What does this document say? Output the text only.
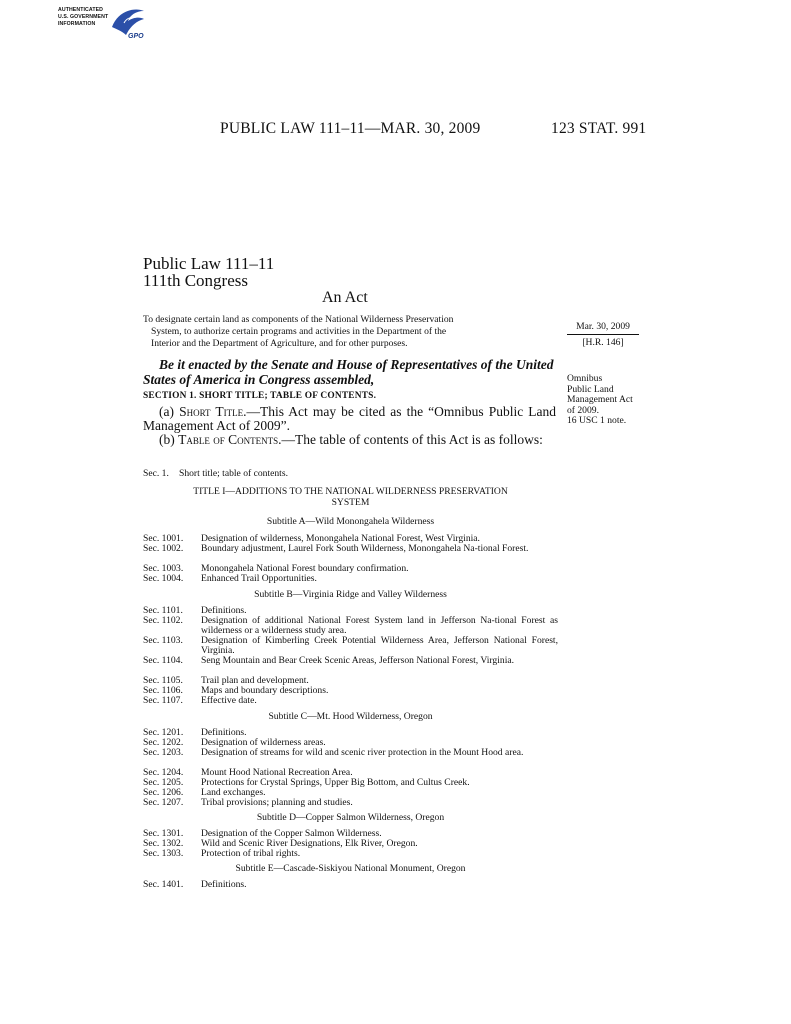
AUTHENTICATED
U.S. GOVERNMENT
INFORMATION
GPO
PUBLIC LAW 111–11—MAR. 30, 2009	123 STAT. 991
Public Law 111–11
111th Congress
An Act
To designate certain land as components of the National Wilderness Preservation
System, to authorize certain programs and activities in the Department of the
Interior and the Department of Agriculture, and for other purposes.
Mar. 30, 2009
[H.R. 146]
Omnibus
Public Land
Management Act
of 2009.
16 USC 1 note.
Be it enacted by the Senate and House of Representatives of the United States of America in Congress assembled,
SECTION 1. SHORT TITLE; TABLE OF CONTENTS.
(a) Short Title.—This Act may be cited as the “Omnibus Public Land Management Act of 2009”.
(b) Table of Contents.—The table of contents of this Act is as follows:
Sec. 1.	Short title; table of contents.
TITLE I—ADDITIONS TO THE NATIONAL WILDERNESS PRESERVATION
SYSTEM
Subtitle A—Wild Monongahela Wilderness
Sec. 1001.	Designation of wilderness, Monongahela National Forest, West Virginia.
Sec. 1002.	Boundary adjustment, Laurel Fork South Wilderness, Monongahela Na-tional Forest.
Sec. 1003.	Monongahela National Forest boundary confirmation.
Sec. 1004.	Enhanced Trail Opportunities.
Subtitle B—Virginia Ridge and Valley Wilderness
Sec. 1101.	Definitions.
Sec. 1102.	Designation of additional National Forest System land in Jefferson Na-tional Forest as wilderness or a wilderness study area.
Sec. 1103.	Designation of Kimberling Creek Potential Wilderness Area, Jefferson National Forest, Virginia.
Sec. 1104.	Seng Mountain and Bear Creek Scenic Areas, Jefferson National Forest, Virginia.
Sec. 1105.	Trail plan and development.
Sec. 1106.	Maps and boundary descriptions.
Sec. 1107.	Effective date.
Subtitle C—Mt. Hood Wilderness, Oregon
Sec. 1201.	Definitions.
Sec. 1202.	Designation of wilderness areas.
Sec. 1203.	Designation of streams for wild and scenic river protection in the Mount Hood area.
Sec. 1204.	Mount Hood National Recreation Area.
Sec. 1205.	Protections for Crystal Springs, Upper Big Bottom, and Cultus Creek.
Sec. 1206.	Land exchanges.
Sec. 1207.	Tribal provisions; planning and studies.
Subtitle D—Copper Salmon Wilderness, Oregon
Sec. 1301.	Designation of the Copper Salmon Wilderness.
Sec. 1302.	Wild and Scenic River Designations, Elk River, Oregon.
Sec. 1303.	Protection of tribal rights.
Subtitle E—Cascade-Siskiyou National Monument, Oregon
Sec. 1401.	Definitions.
